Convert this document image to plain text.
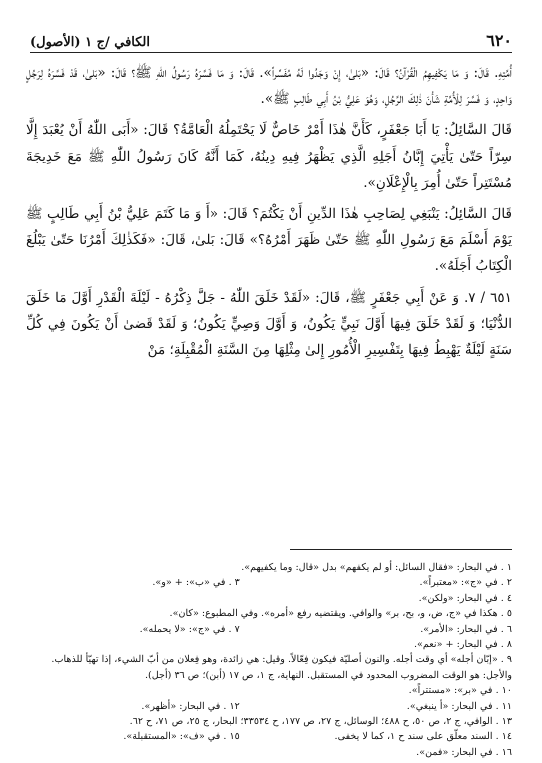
٦٢٠
الكافي /ج ١ (الأصول)

أُمَّتِهِ. قَالَ: وَ مَا يَكْفِيهِمُ الْقُرْآنُ؟ قَالَ: «بَلىٰ، إِنْ وَجَدُوا لَهُ مُفَسِّراً». قَالَ: وَ مَا فَسَّرَهُ رَسُولُ اللّٰهِ ﷺ؟ قَالَ: «بَلىٰ، قَدْ فَسَّرَهُ لِرَجُلٍ وَاحِدٍ، وَ فَسَّرَ لِلْأُمَّةِ شَأْنَ ذٰلِكَ الرَّجُلِ، وَهُوَ عَلِيُّ بْنُ أَبِي طَالِبٍ ﷺ».

قَالَ السَّائِلُ: يَا أَبَا جَعْفَرٍ، كَأَنَّ هٰذَا أَمْرٌ خَاصٌّ لَا يَحْتَمِلُهُ الْعَامَّةُ؟ قَالَ: «أَبَى اللّٰهُ أَنْ يُعْبَدَ إِلَّا سِرّاً حَتّىٰ يَأْتِيَ إِبَّانُ أَجَلِهِ الَّذِي يَظْهَرُ فِيهِ دِينُهُ، كَمَا أَنَّهُ كَانَ رَسُولُ اللّٰهِ ﷺ مَعَ خَدِيجَةَ مُسْتَتِراً حَتّىٰ أُمِرَ بِالْإِعْلَانِ».

قَالَ السَّائِلُ: يَنْبَغِي لِصَاحِبِ هٰذَا الدِّينِ أَنْ يَكْتُمَ؟ قَالَ: «أَ وَ مَا كَتَمَ عَلِيُّ بْنُ أَبِي طَالِبٍ ﷺ يَوْمَ أَسْلَمَ مَعَ رَسُولِ اللّٰهِ ﷺ حَتّىٰ ظَهَرَ أَمْرُهُ؟» قَالَ: بَلىٰ، قَالَ: «فَكَذٰلِكَ أَمْرُنَا حَتّىٰ يَبْلُغَ الْكِتَابُ أَجَلَهُ».

٦٥١ / ٧. وَ عَنْ أَبِي جَعْفَرٍ ﷺ، قَالَ: «لَقَدْ خَلَقَ اللّٰهُ - جَلَّ ذِكْرُهُ - لَيْلَةَ الْقَدْرِ أَوَّلَ مَا خَلَقَ الدُّنْيَا؛ وَ لَقَدْ خَلَقَ فِيهَا أَوَّلَ نَبِيٍّ يَكُونُ، وَ أَوَّلَ وَصِيٍّ يَكُونُ؛ وَ لَقَدْ قَضىٰ أَنْ يَكُونَ فِي كُلِّ سَنَةٍ لَيْلَةٌ يَهْبِطُ فِيهَا بِتَفْسِيرِ الْأُمُورِ إِلىٰ مِثْلِهَا مِنَ السَّنَةِ الْمُقْبِلَةِ؛ مَنْ

١ . في البحار: «فقال السائل: أو لم يكفهم» بدل «قال: وما يكفيهم».
٢ . في «ج»: «معتبراً».
٣ . في «ب»: + «و».
٤ . في البحار: «ولكن».
٥ . هكذا في «ج، ض، و، بح، بر» والوافي. ويقتضيه رفع «أمره». وفي المطبوع: «كان».
٦ . في البحار: «الأمر».
٧ . في «ج»: «لا يحمله».
٨ . في البحار: + «نعم».
٩ . «إبّان أجله» أي وقت أجله. والنون أصليّة فيكون فِعّالاً. وقيل: هي زائدة، وهو فِعلان من أبّ الشيء، إذا تهيّأ للذهاب. والأجل: هو الوقت المضروب المحدود في المستقبل. النهاية، ج ١، ص ١٧ (أبن)؛ ص ٣٦ (أجل).
١٠ . في «بر»: «مستتراً».
١١ . في البحار: «أ ينبغي».
١٢ . في البحار: «أظهر».
١٣ . الوافي، ج ٢، ص ٥٠، ح ٤٨٨؛ الوسائل، ج ٢٧، ص ١٧٧، ح ٣٣٥٣٤؛ البحار، ج ٢٥، ص ٧١، ح ٦٢.
١٤ . السند معلّق على سند ح ١، كما لا يخفى.
١٥ . في «ف»: «المستقبلة».
١٦ . في البحار: «فمن».
